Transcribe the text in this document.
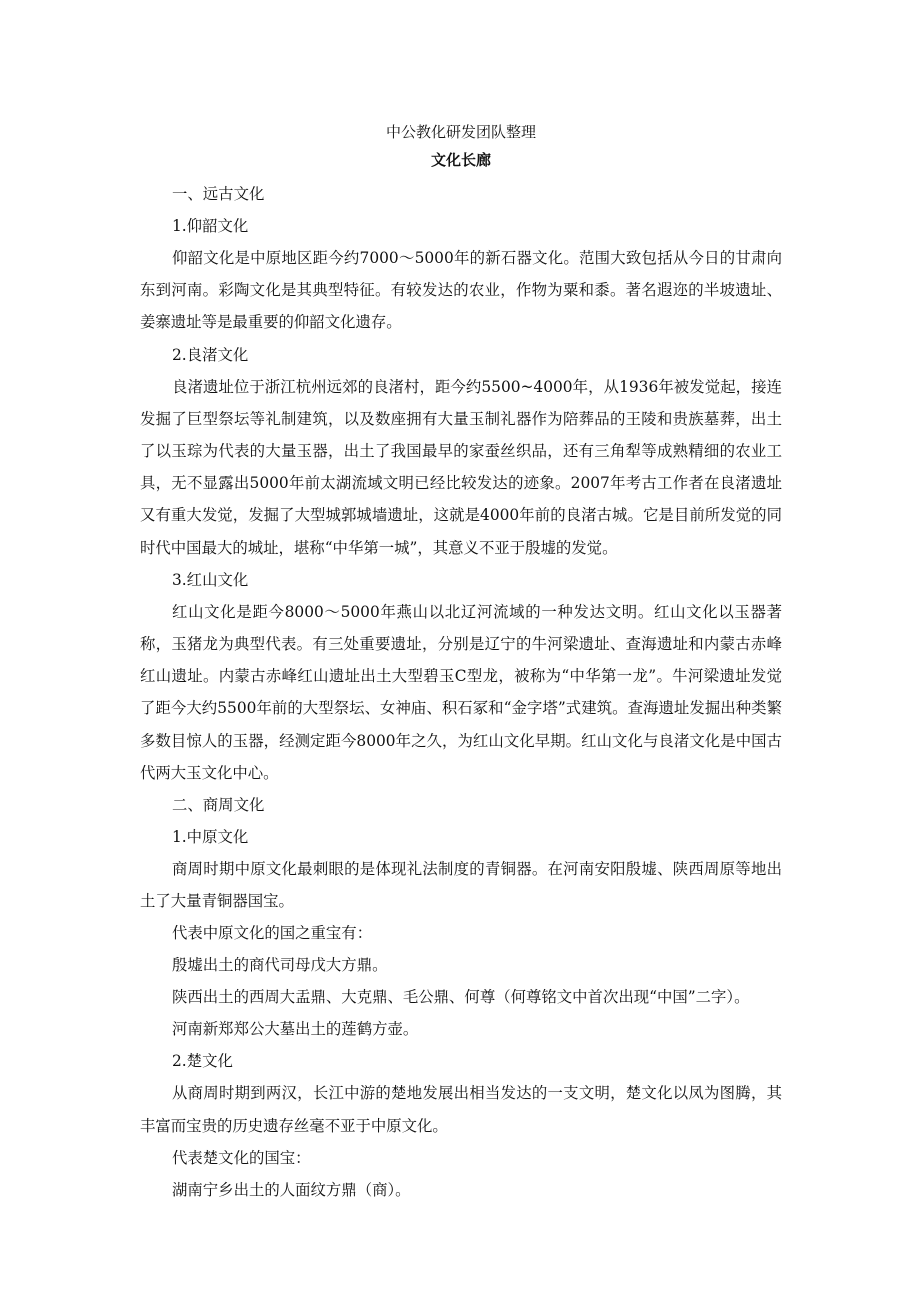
中公教化研发团队整理

文化长廊

一、远古文化

1.仰韶文化

仰韶文化是中原地区距今约7000～5000年的新石器文化。范围大致包括从今日的甘肃向东到河南。彩陶文化是其典型特征。有较发达的农业，作物为粟和黍。著名遐迩的半坡遗址、姜寨遗址等是最重要的仰韶文化遗存。

2.良渚文化

良渚遗址位于浙江杭州远郊的良渚村，距今约5500~4000年，从1936年被发觉起，接连发掘了巨型祭坛等礼制建筑，以及数座拥有大量玉制礼器作为陪葬品的王陵和贵族墓葬，出土了以玉琮为代表的大量玉器，出土了我国最早的家蚕丝织品，还有三角犁等成熟精细的农业工具，无不显露出5000年前太湖流域文明已经比较发达的迹象。2007年考古工作者在良渚遗址又有重大发觉，发掘了大型城郭城墙遗址，这就是4000年前的良渚古城。它是目前所发觉的同时代中国最大的城址，堪称“中华第一城”，其意义不亚于殷墟的发觉。

3.红山文化

红山文化是距今8000～5000年燕山以北辽河流域的一种发达文明。红山文化以玉器著称，玉猪龙为典型代表。有三处重要遗址，分别是辽宁的牛河梁遗址、查海遗址和内蒙古赤峰红山遗址。内蒙古赤峰红山遗址出土大型碧玉C型龙，被称为“中华第一龙”。牛河梁遗址发觉了距今大约5500年前的大型祭坛、女神庙、积石冢和“金字塔”式建筑。查海遗址发掘出种类繁多数目惊人的玉器，经测定距今8000年之久，为红山文化早期。红山文化与良渚文化是中国古代两大玉文化中心。

二、商周文化

1.中原文化

商周时期中原文化最刺眼的是体现礼法制度的青铜器。在河南安阳殷墟、陕西周原等地出土了大量青铜器国宝。

代表中原文化的国之重宝有：

殷墟出土的商代司母戊大方鼎。

陕西出土的西周大盂鼎、大克鼎、毛公鼎、何尊（何尊铭文中首次出现“中国”二字）。

河南新郑郑公大墓出土的莲鹤方壶。

2.楚文化

从商周时期到两汉，长江中游的楚地发展出相当发达的一支文明，楚文化以凤为图腾，其丰富而宝贵的历史遗存丝毫不亚于中原文化。

代表楚文化的国宝：

湖南宁乡出土的人面纹方鼎（商）。
